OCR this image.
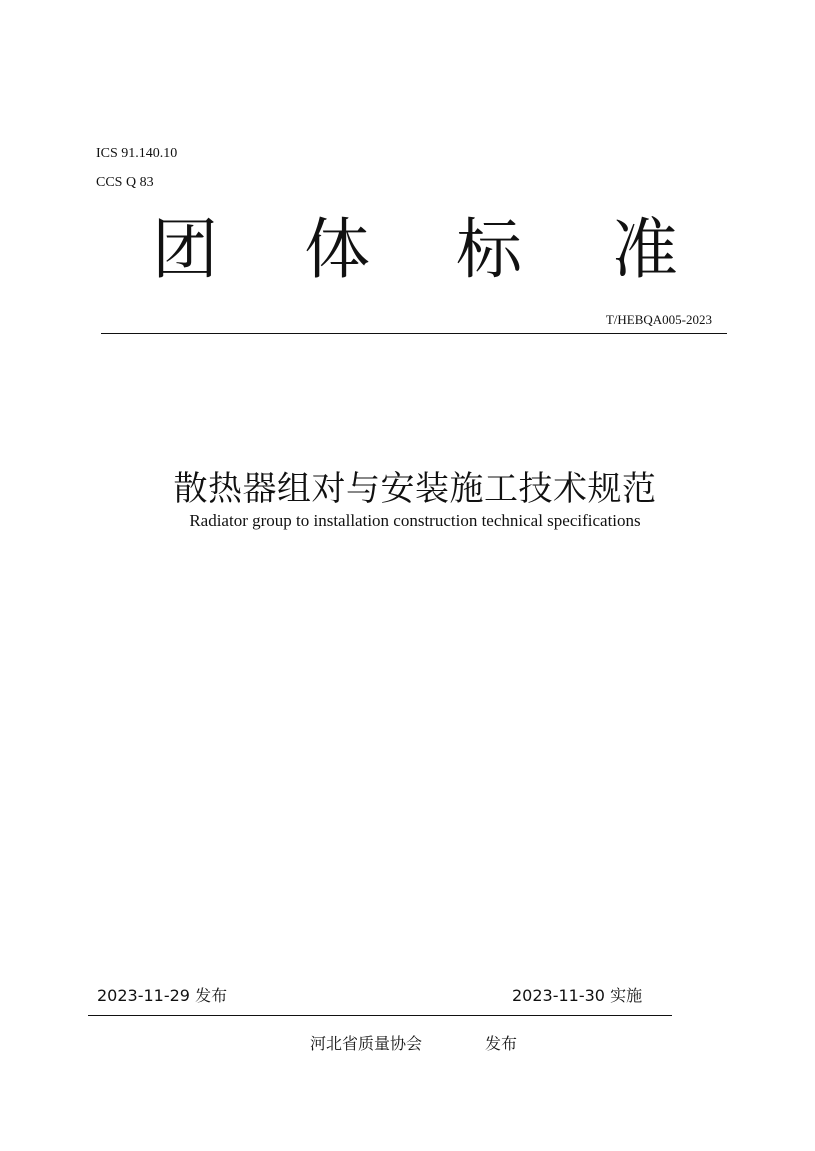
ICS 91.140.10
CCS Q 83
团 体 标 准
T/HEBQA005-2023
散热器组对与安装施工技术规范
Radiator group to installation construction technical specifications
2023-11-29 发布	2023-11-30 实施
河北省质量协会	发布
